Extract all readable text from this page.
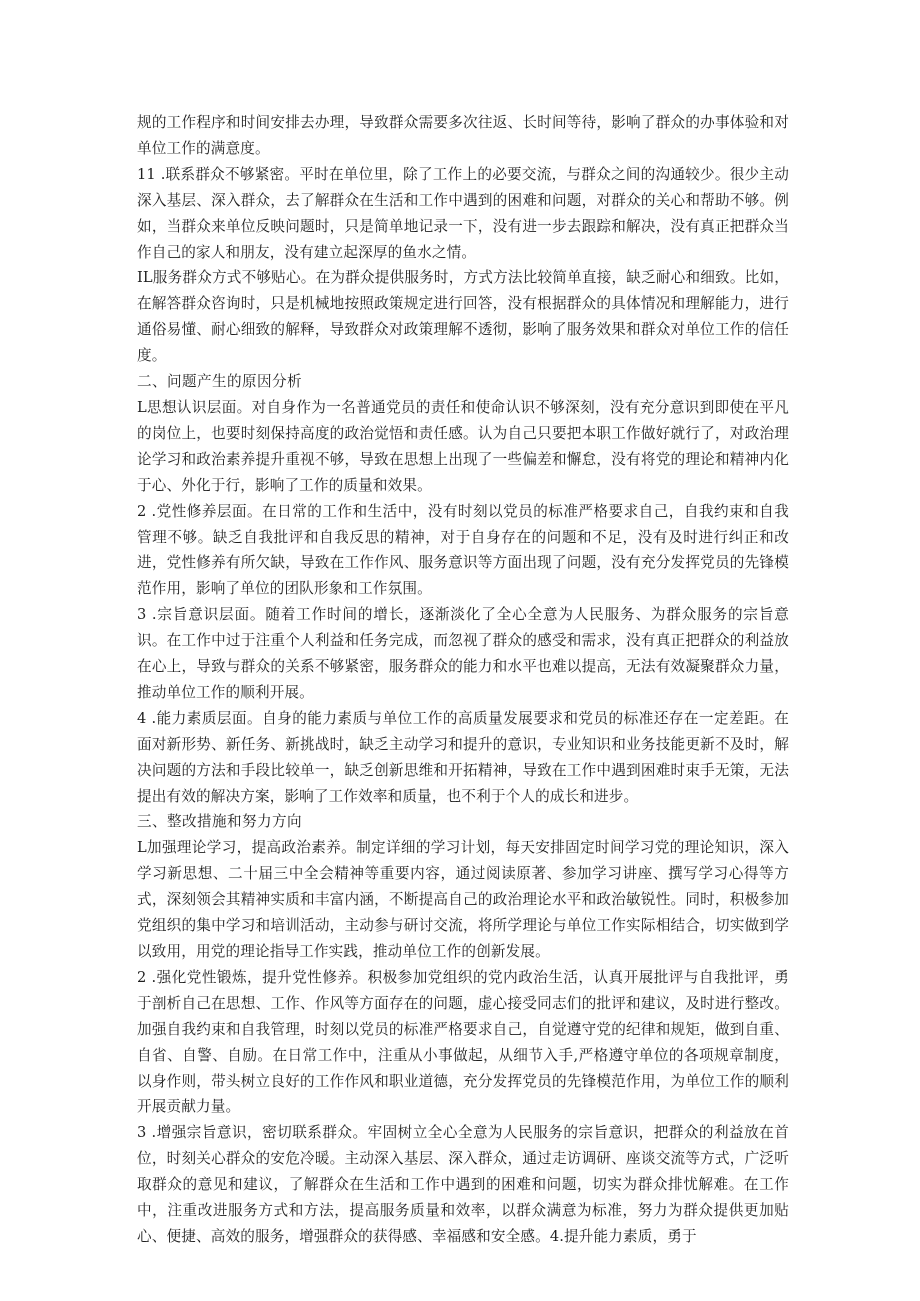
规的工作程序和时间安排去办理，导致群众需要多次往返、长时间等待，影响了群众的办事体验和对单位工作的满意度。

11 .联系群众不够紧密。平时在单位里，除了工作上的必要交流，与群众之间的沟通较少。很少主动深入基层、深入群众，去了解群众在生活和工作中遇到的困难和问题，对群众的关心和帮助不够。例如，当群众来单位反映问题时，只是简单地记录一下，没有进一步去跟踪和解决，没有真正把群众当作自己的家人和朋友，没有建立起深厚的鱼水之情。

IL服务群众方式不够贴心。在为群众提供服务时，方式方法比较简单直接，缺乏耐心和细致。比如，在解答群众咨询时，只是机械地按照政策规定进行回答，没有根据群众的具体情况和理解能力，进行通俗易懂、耐心细致的解释，导致群众对政策理解不透彻，影响了服务效果和群众对单位工作的信任度。

二、问题产生的原因分析

L思想认识层面。对自身作为一名普通党员的责任和使命认识不够深刻，没有充分意识到即使在平凡的岗位上，也要时刻保持高度的政治觉悟和责任感。认为自己只要把本职工作做好就行了，对政治理论学习和政治素养提升重视不够，导致在思想上出现了一些偏差和懈怠，没有将党的理论和精神内化于心、外化于行，影响了工作的质量和效果。

2 .党性修养层面。在日常的工作和生活中，没有时刻以党员的标准严格要求自己，自我约束和自我管理不够。缺乏自我批评和自我反思的精神，对于自身存在的问题和不足，没有及时进行纠正和改进，党性修养有所欠缺，导致在工作作风、服务意识等方面出现了问题，没有充分发挥党员的先锋模范作用，影响了单位的团队形象和工作氛围。

3 .宗旨意识层面。随着工作时间的增长，逐渐淡化了全心全意为人民服务、为群众服务的宗旨意识。在工作中过于注重个人利益和任务完成，而忽视了群众的感受和需求，没有真正把群众的利益放在心上，导致与群众的关系不够紧密，服务群众的能力和水平也难以提高，无法有效凝聚群众力量，推动单位工作的顺利开展。

4 .能力素质层面。自身的能力素质与单位工作的高质量发展要求和党员的标准还存在一定差距。在面对新形势、新任务、新挑战时，缺乏主动学习和提升的意识，专业知识和业务技能更新不及时，解决问题的方法和手段比较单一，缺乏创新思维和开拓精神，导致在工作中遇到困难时束手无策，无法提出有效的解决方案，影响了工作效率和质量，也不利于个人的成长和进步。

三、整改措施和努力方向

L加强理论学习，提高政治素养。制定详细的学习计划，每天安排固定时间学习党的理论知识，深入学习新思想、二十届三中全会精神等重要内容，通过阅读原著、参加学习讲座、撰写学习心得等方式，深刻领会其精神实质和丰富内涵，不断提高自己的政治理论水平和政治敏锐性。同时，积极参加党组织的集中学习和培训活动，主动参与研讨交流，将所学理论与单位工作实际相结合，切实做到学以致用，用党的理论指导工作实践，推动单位工作的创新发展。

2 .强化党性锻炼，提升党性修养。积极参加党组织的党内政治生活，认真开展批评与自我批评，勇于剖析自己在思想、工作、作风等方面存在的问题，虚心接受同志们的批评和建议，及时进行整改。加强自我约束和自我管理，时刻以党员的标准严格要求自己，自觉遵守党的纪律和规矩，做到自重、自省、自警、自励。在日常工作中，注重从小事做起，从细节入手,严格遵守单位的各项规章制度，以身作则，带头树立良好的工作作风和职业道德，充分发挥党员的先锋模范作用，为单位工作的顺利开展贡献力量。

3 .增强宗旨意识，密切联系群众。牢固树立全心全意为人民服务的宗旨意识，把群众的利益放在首位，时刻关心群众的安危冷暖。主动深入基层、深入群众，通过走访调研、座谈交流等方式，广泛听取群众的意见和建议，了解群众在生活和工作中遇到的困难和问题，切实为群众排忧解难。在工作中，注重改进服务方式和方法，提高服务质量和效率，以群众满意为标准，努力为群众提供更加贴心、便捷、高效的服务，增强群众的获得感、幸福感和安全感。4.提升能力素质，勇于
